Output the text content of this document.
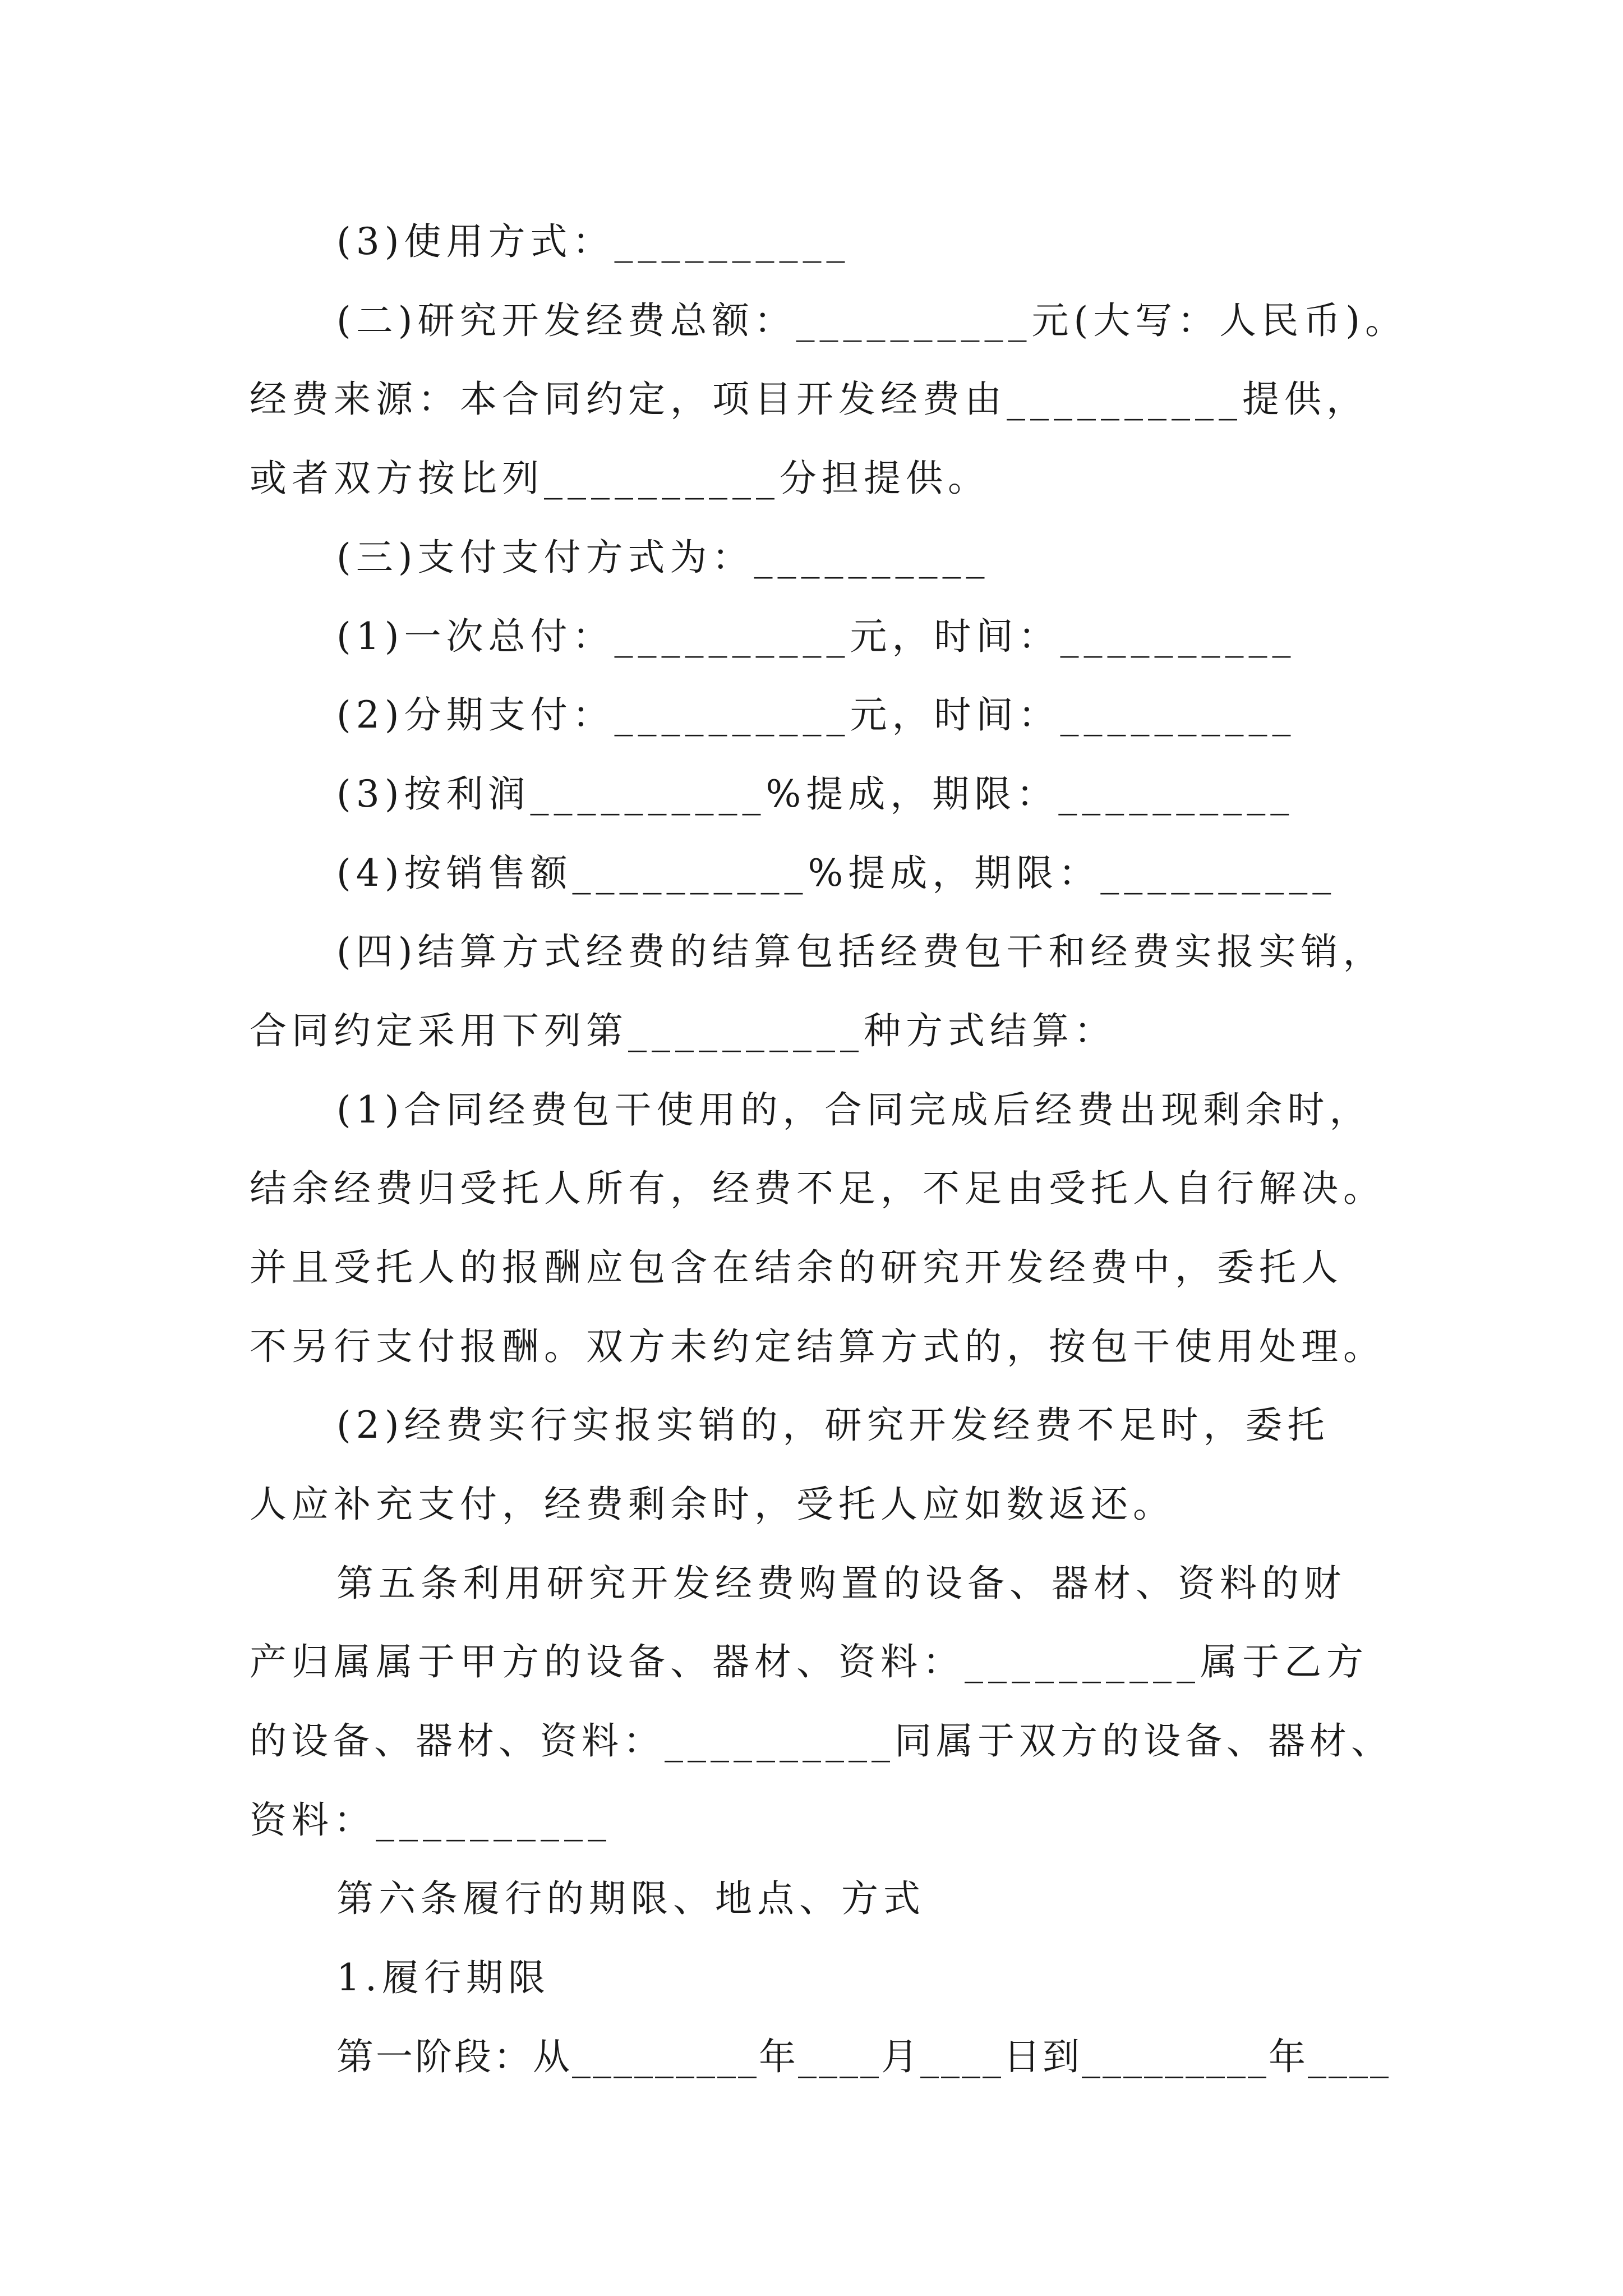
(3)使用方式：__________
(二)研究开发经费总额：__________元(大写：人民币)。
经费来源：本合同约定，项目开发经费由__________提供，
或者双方按比列__________分担提供。
(三)支付支付方式为：__________
(1)一次总付：__________元，时间：__________
(2)分期支付：__________元，时间：__________
(3)按利润__________%提成，期限：__________
(4)按销售额__________%提成，期限：__________
(四)结算方式经费的结算包括经费包干和经费实报实销，
合同约定采用下列第__________种方式结算：
(1)合同经费包干使用的，合同完成后经费出现剩余时，
结余经费归受托人所有，经费不足，不足由受托人自行解决。
并且受托人的报酬应包含在结余的研究开发经费中，委托人
不另行支付报酬。双方未约定结算方式的，按包干使用处理。
(2)经费实行实报实销的，研究开发经费不足时，委托
人应补充支付，经费剩余时，受托人应如数返还。
第五条利用研究开发经费购置的设备、器材、资料的财
产归属属于甲方的设备、器材、资料：__________属于乙方
的设备、器材、资料：__________同属于双方的设备、器材、
资料：__________
第六条履行的期限、地点、方式
1.履行期限
第一阶段：从_________年____月____日到_________年____
